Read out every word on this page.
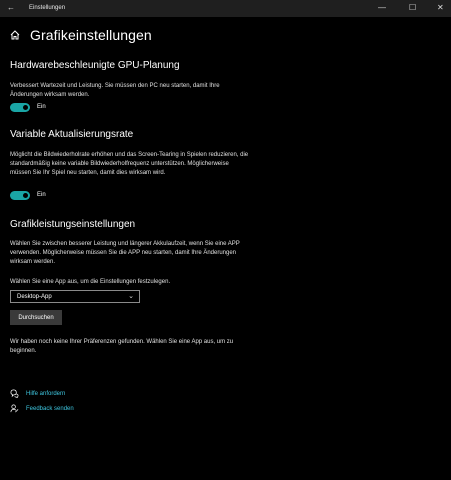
← Einstellungen	—	☐	✕
Grafikeinstellungen
Hardwarebeschleunigte GPU-Planung
Verbessert Wartezeit und Leistung. Sie müssen den PC neu starten, damit Ihre Änderungen wirksam werden.
Ein
Variable Aktualisierungsrate
Möglicht die Bildwiederholrate erhöhen und das Screen-Tearing in Spielen reduzieren, die standardmäßig keine variable Bildwiederholfrequenz unterstützen. Möglicherweise müssen Sie Ihr Spiel neu starten, damit dies wirksam wird.
Ein
Grafikleistungseinstellungen
Wählen Sie zwischen besserer Leistung und längerer Akkulaufzeit, wenn Sie eine APP verwenden. Möglicherweise müssen Sie die APP neu starten, damit Ihre Änderungen wirksam werden.
Wählen Sie eine App aus, um die Einstellungen festzulegen.
Desktop-App	⌄
Durchsuchen
Wir haben noch keine Ihrer Präferenzen gefunden. Wählen Sie eine App aus, um zu beginnen.
Hilfe anfordern
Feedback senden
